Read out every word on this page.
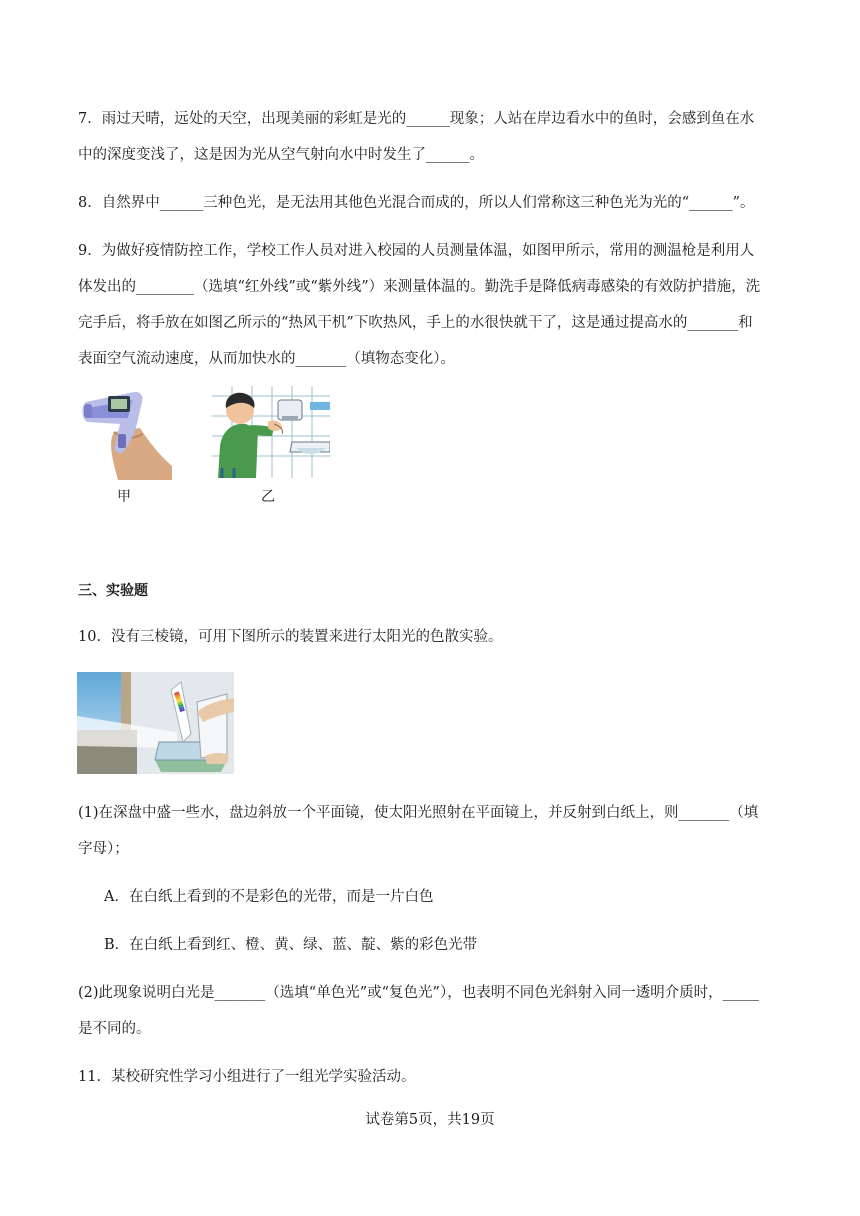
7．雨过天晴，远处的天空，出现美丽的彩虹是光的______现象；人站在岸边看水中的鱼时，会感到鱼在水
中的深度变浅了，这是因为光从空气射向水中时发生了______。
8．自然界中______三种色光，是无法用其他色光混合而成的，所以人们常称这三种色光为光的“______”。
9．为做好疫情防控工作，学校工作人员对进入校园的人员测量体温，如图甲所示，常用的测温枪是利用人
体发出的________（选填“红外线”或“紫外线”）来测量体温的。勤洗手是降低病毒感染的有效防护措施，洗
完手后，将手放在如图乙所示的“热风干机”下吹热风，手上的水很快就干了，这是通过提高水的_______和
表面空气流动速度，从而加快水的_______（填物态变化）。
甲	乙
三、实验题
10．没有三棱镜，可用下图所示的装置来进行太阳光的色散实验。
(1)在深盘中盛一些水，盘边斜放一个平面镜，使太阳光照射在平面镜上，并反射到白纸上，则_______（填
字母）；
A．在白纸上看到的不是彩色的光带，而是一片白色
B．在白纸上看到红、橙、黄、绿、蓝、靛、紫的彩色光带
(2)此现象说明白光是_______（选填“单色光”或“复色光”），也表明不同色光斜射入同一透明介质时，_____
是不同的。
11．某校研究性学习小组进行了一组光学实验活动。
试卷第5页，共19页
